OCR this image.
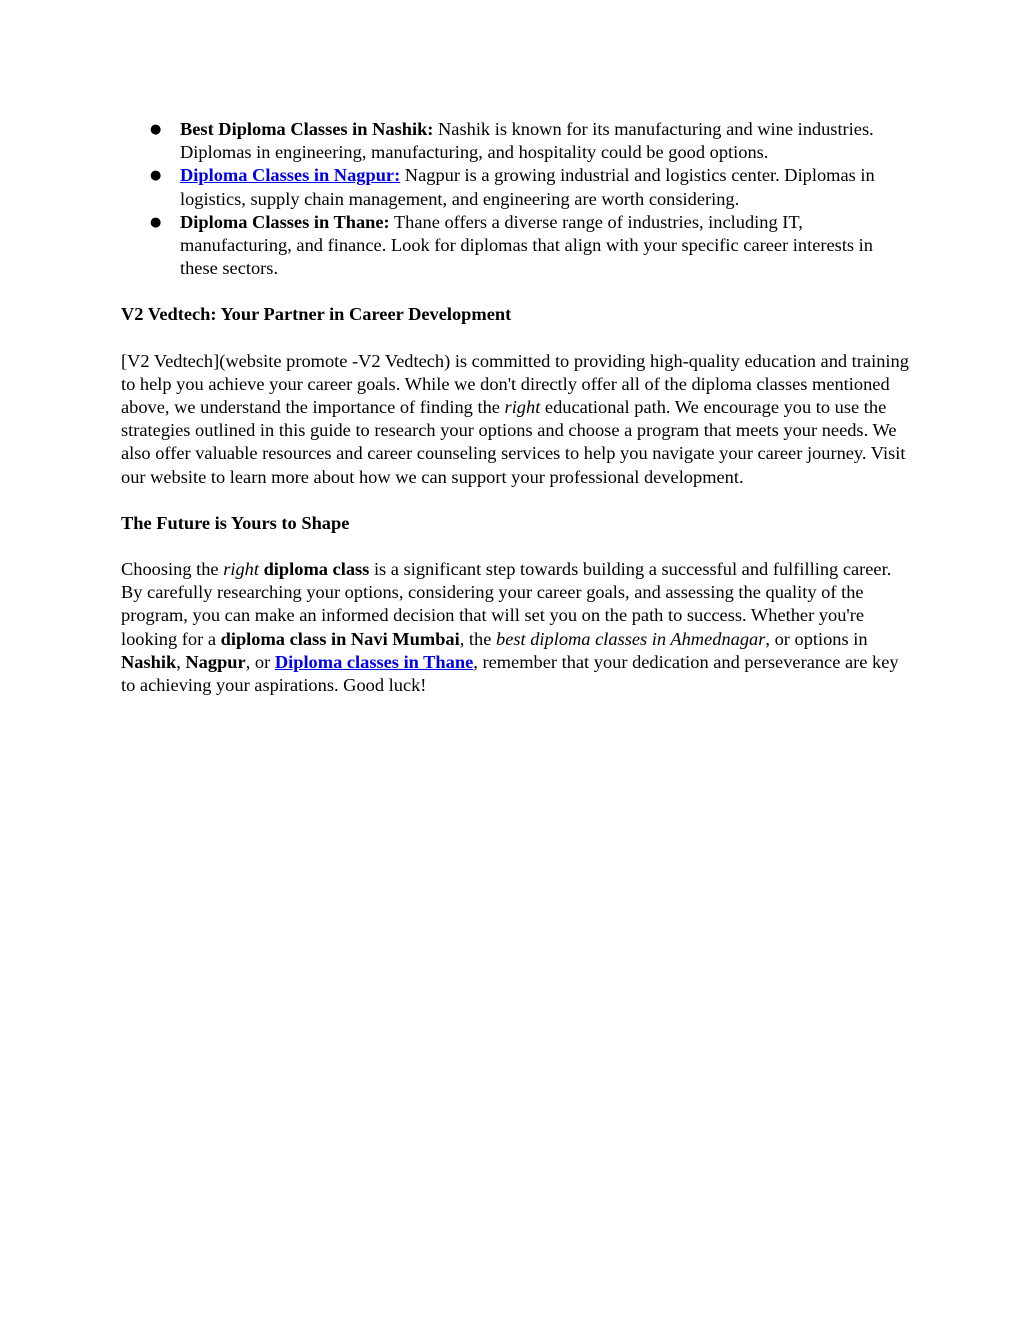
● Best Diploma Classes in Nashik: Nashik is known for its manufacturing and wine industries. Diplomas in engineering, manufacturing, and hospitality could be good options.
● Diploma Classes in Nagpur: Nagpur is a growing industrial and logistics center. Diplomas in logistics, supply chain management, and engineering are worth considering.
● Diploma Classes in Thane: Thane offers a diverse range of industries, including IT, manufacturing, and finance. Look for diplomas that align with your specific career interests in these sectors.
V2 Vedtech: Your Partner in Career Development

[V2 Vedtech](website promote -V2 Vedtech) is committed to providing high-quality education and training to help you achieve your career goals. While we don't directly offer all of the diploma classes mentioned above, we understand the importance of finding the right educational path. We encourage you to use the strategies outlined in this guide to research your options and choose a program that meets your needs. We also offer valuable resources and career counseling services to help you navigate your career journey. Visit our website to learn more about how we can support your professional development.

The Future is Yours to Shape

Choosing the right diploma class is a significant step towards building a successful and fulfilling career. By carefully researching your options, considering your career goals, and assessing the quality of the program, you can make an informed decision that will set you on the path to success. Whether you're looking for a diploma class in Navi Mumbai, the best diploma classes in Ahmednagar, or options in Nashik, Nagpur, or Diploma classes in Thane, remember that your dedication and perseverance are key to achieving your aspirations. Good luck!
